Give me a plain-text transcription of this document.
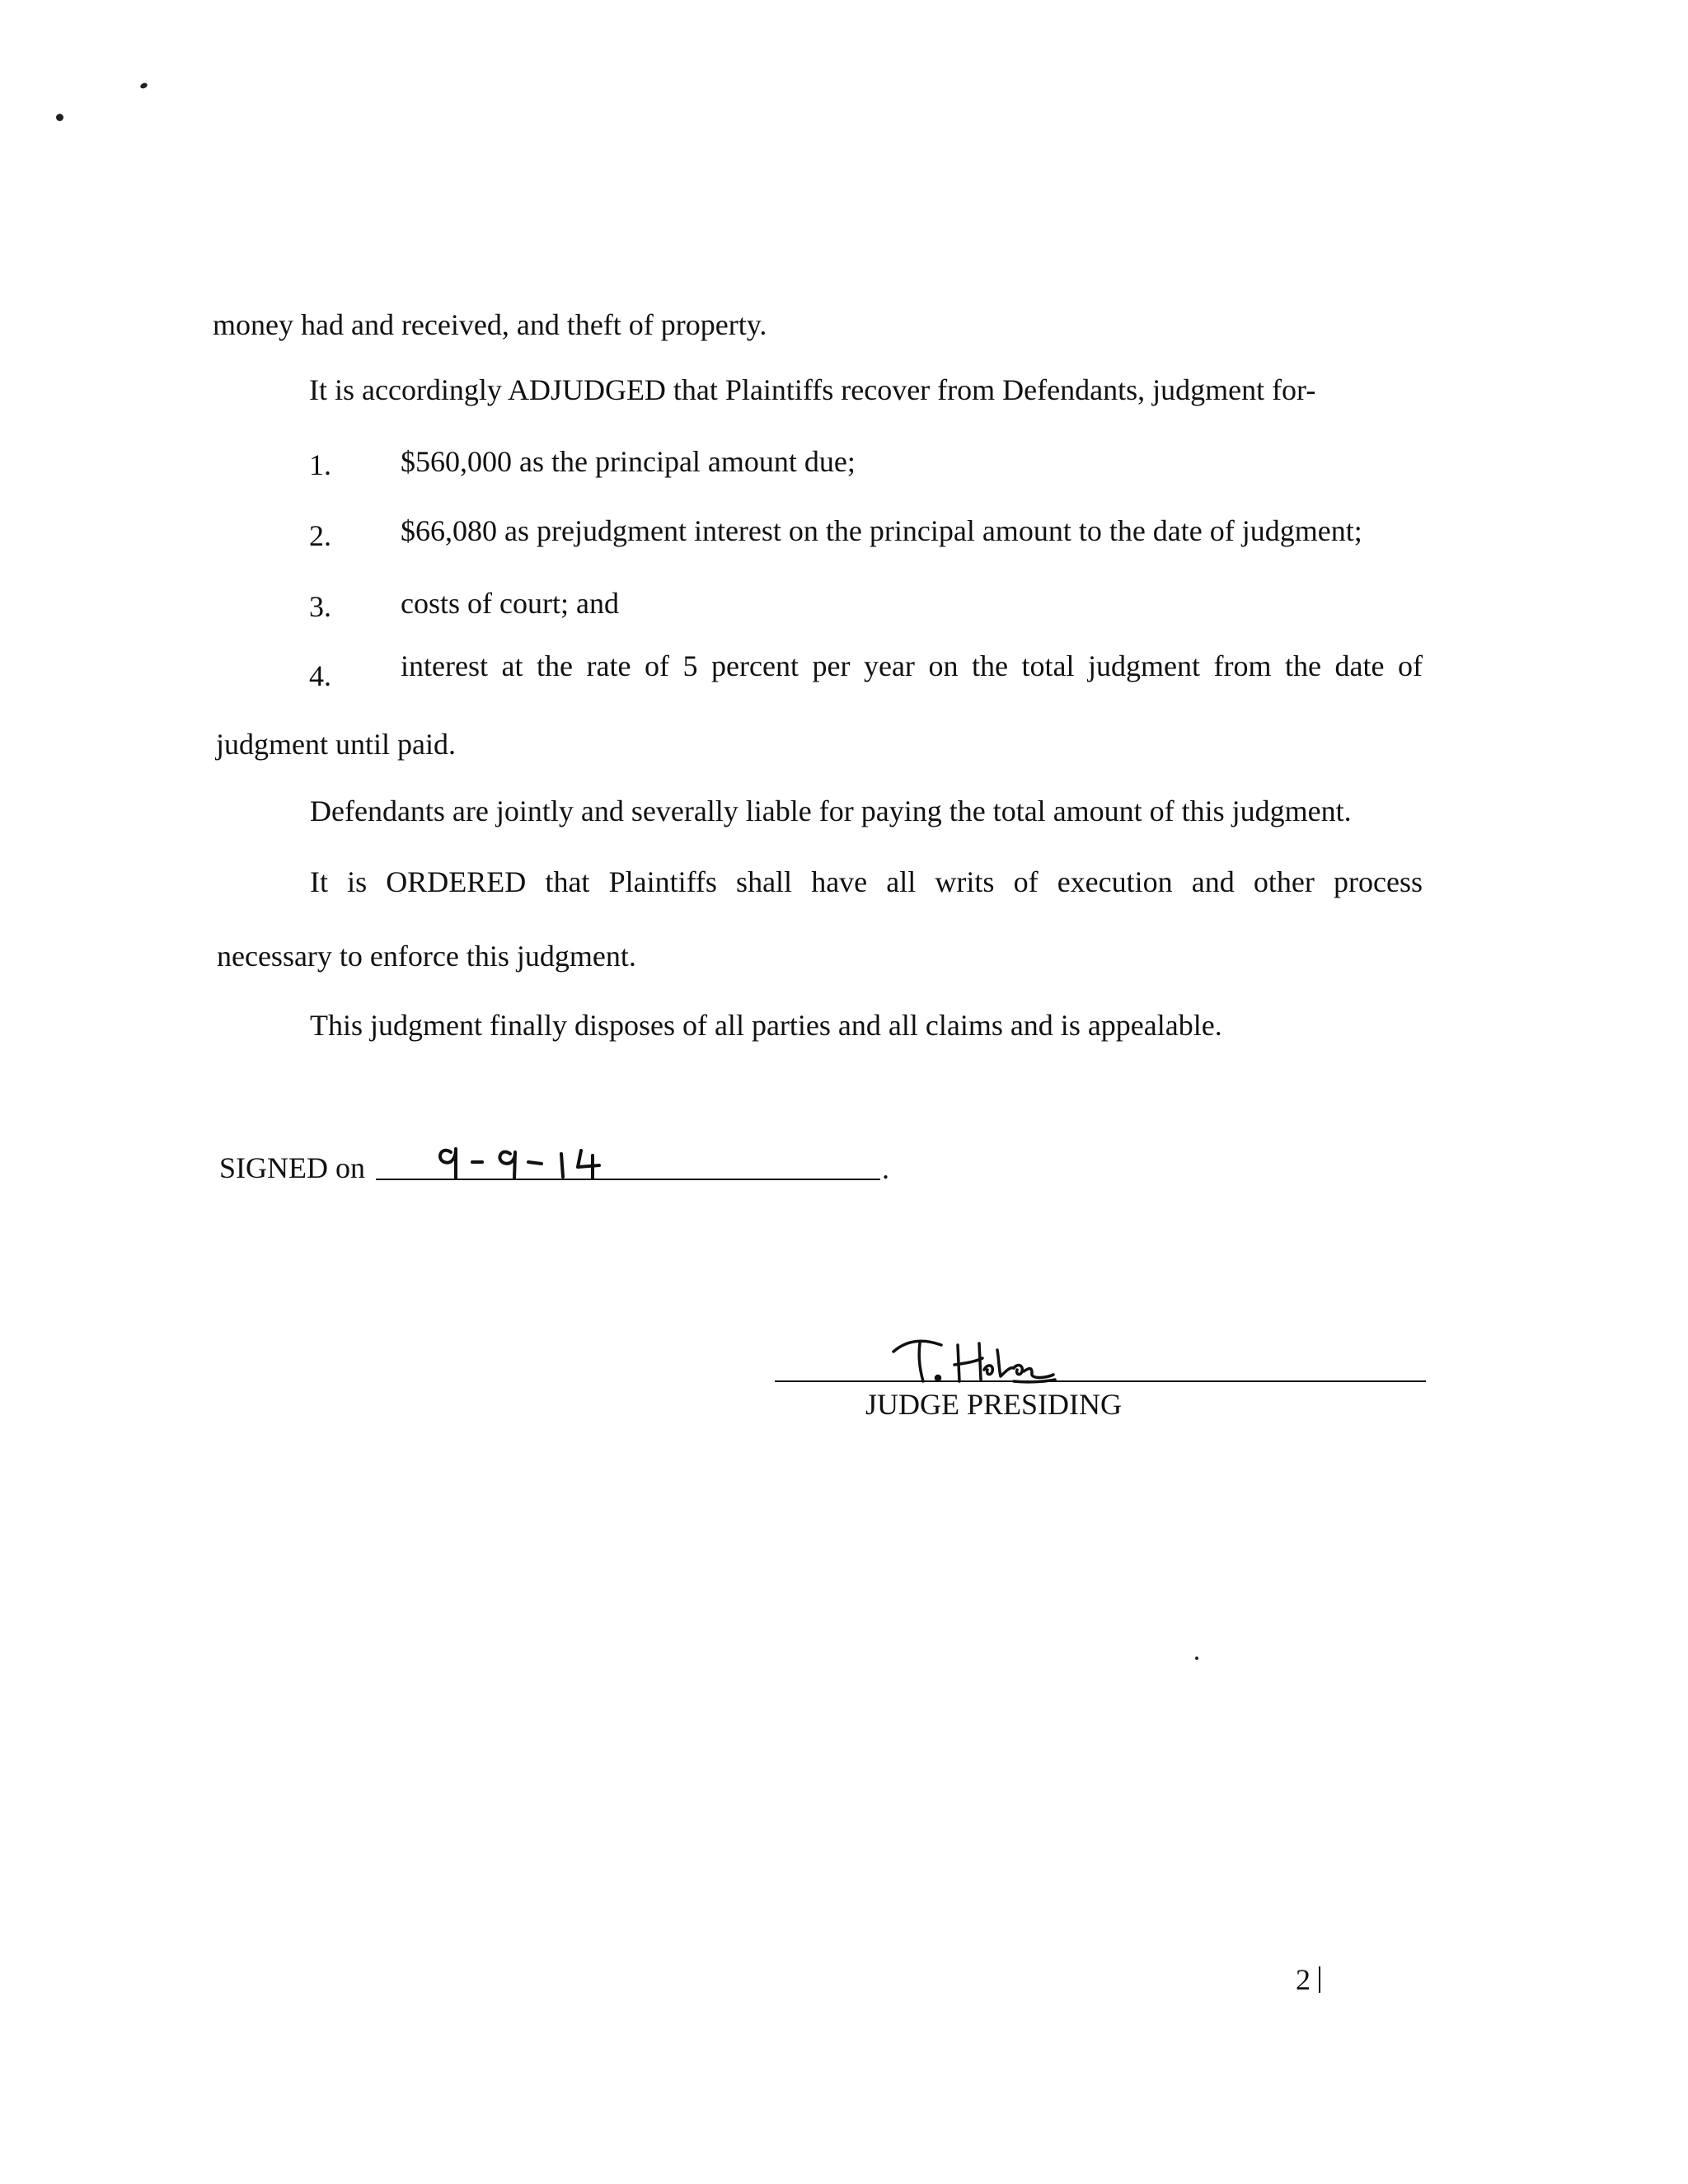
money had and received, and theft of property.
It is accordingly ADJUDGED that Plaintiffs recover from Defendants, judgment for-
1. $560,000 as the principal amount due;
2. $66,080 as prejudgment interest on the principal amount to the date of judgment;
3. costs of court; and
4. interest at the rate of 5 percent per year on the total judgment from the date of
judgment until paid.
Defendants are jointly and severally liable for paying the total amount of this judgment.
It is ORDERED that Plaintiffs shall have all writs of execution and other process
necessary to enforce this judgment.
This judgment finally disposes of all parties and all claims and is appealable.
SIGNED on	.
JUDGE PRESIDING
2
